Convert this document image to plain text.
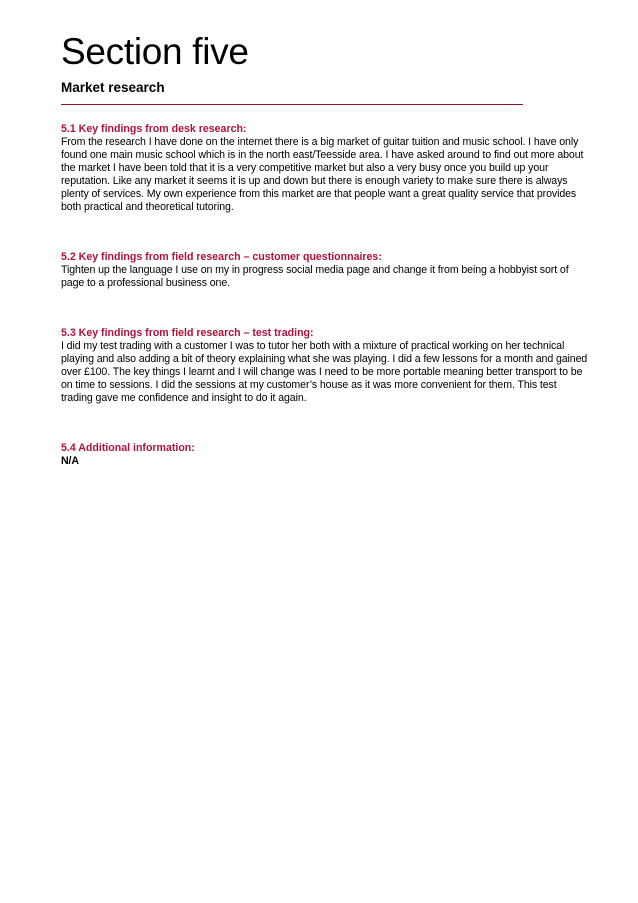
Section five
Market research
5.1 Key findings from desk research:
From the research I have done on the internet there is a big market of guitar tuition and music school. I have only
found one main music school which is in the north east/Teesside area. I have asked around to find out more about
the market I have been told that it is a very competitive market but also a very busy once you build up your
reputation. Like any market it seems it is up and down but there is enough variety to make sure there is always
plenty of services. My own experience from this market are that people want a great quality service that provides
both practical and theoretical tutoring.
5.2 Key findings from field research – customer questionnaires:
Tighten up the language I use on my in progress social media page and change it from being a hobbyist sort of
page to a professional business one.
5.3 Key findings from field research – test trading:
I did my test trading with a customer I was to tutor her both with a mixture of practical working on her technical
playing and also adding a bit of theory explaining what she was playing. I did a few lessons for a month and gained
over £100. The key things I learnt and I will change was I need to be more portable meaning better transport to be
on time to sessions. I did the sessions at my customer’s house as it was more convenient for them. This test
trading gave me confidence and insight to do it again.
5.4 Additional information:
N/A
